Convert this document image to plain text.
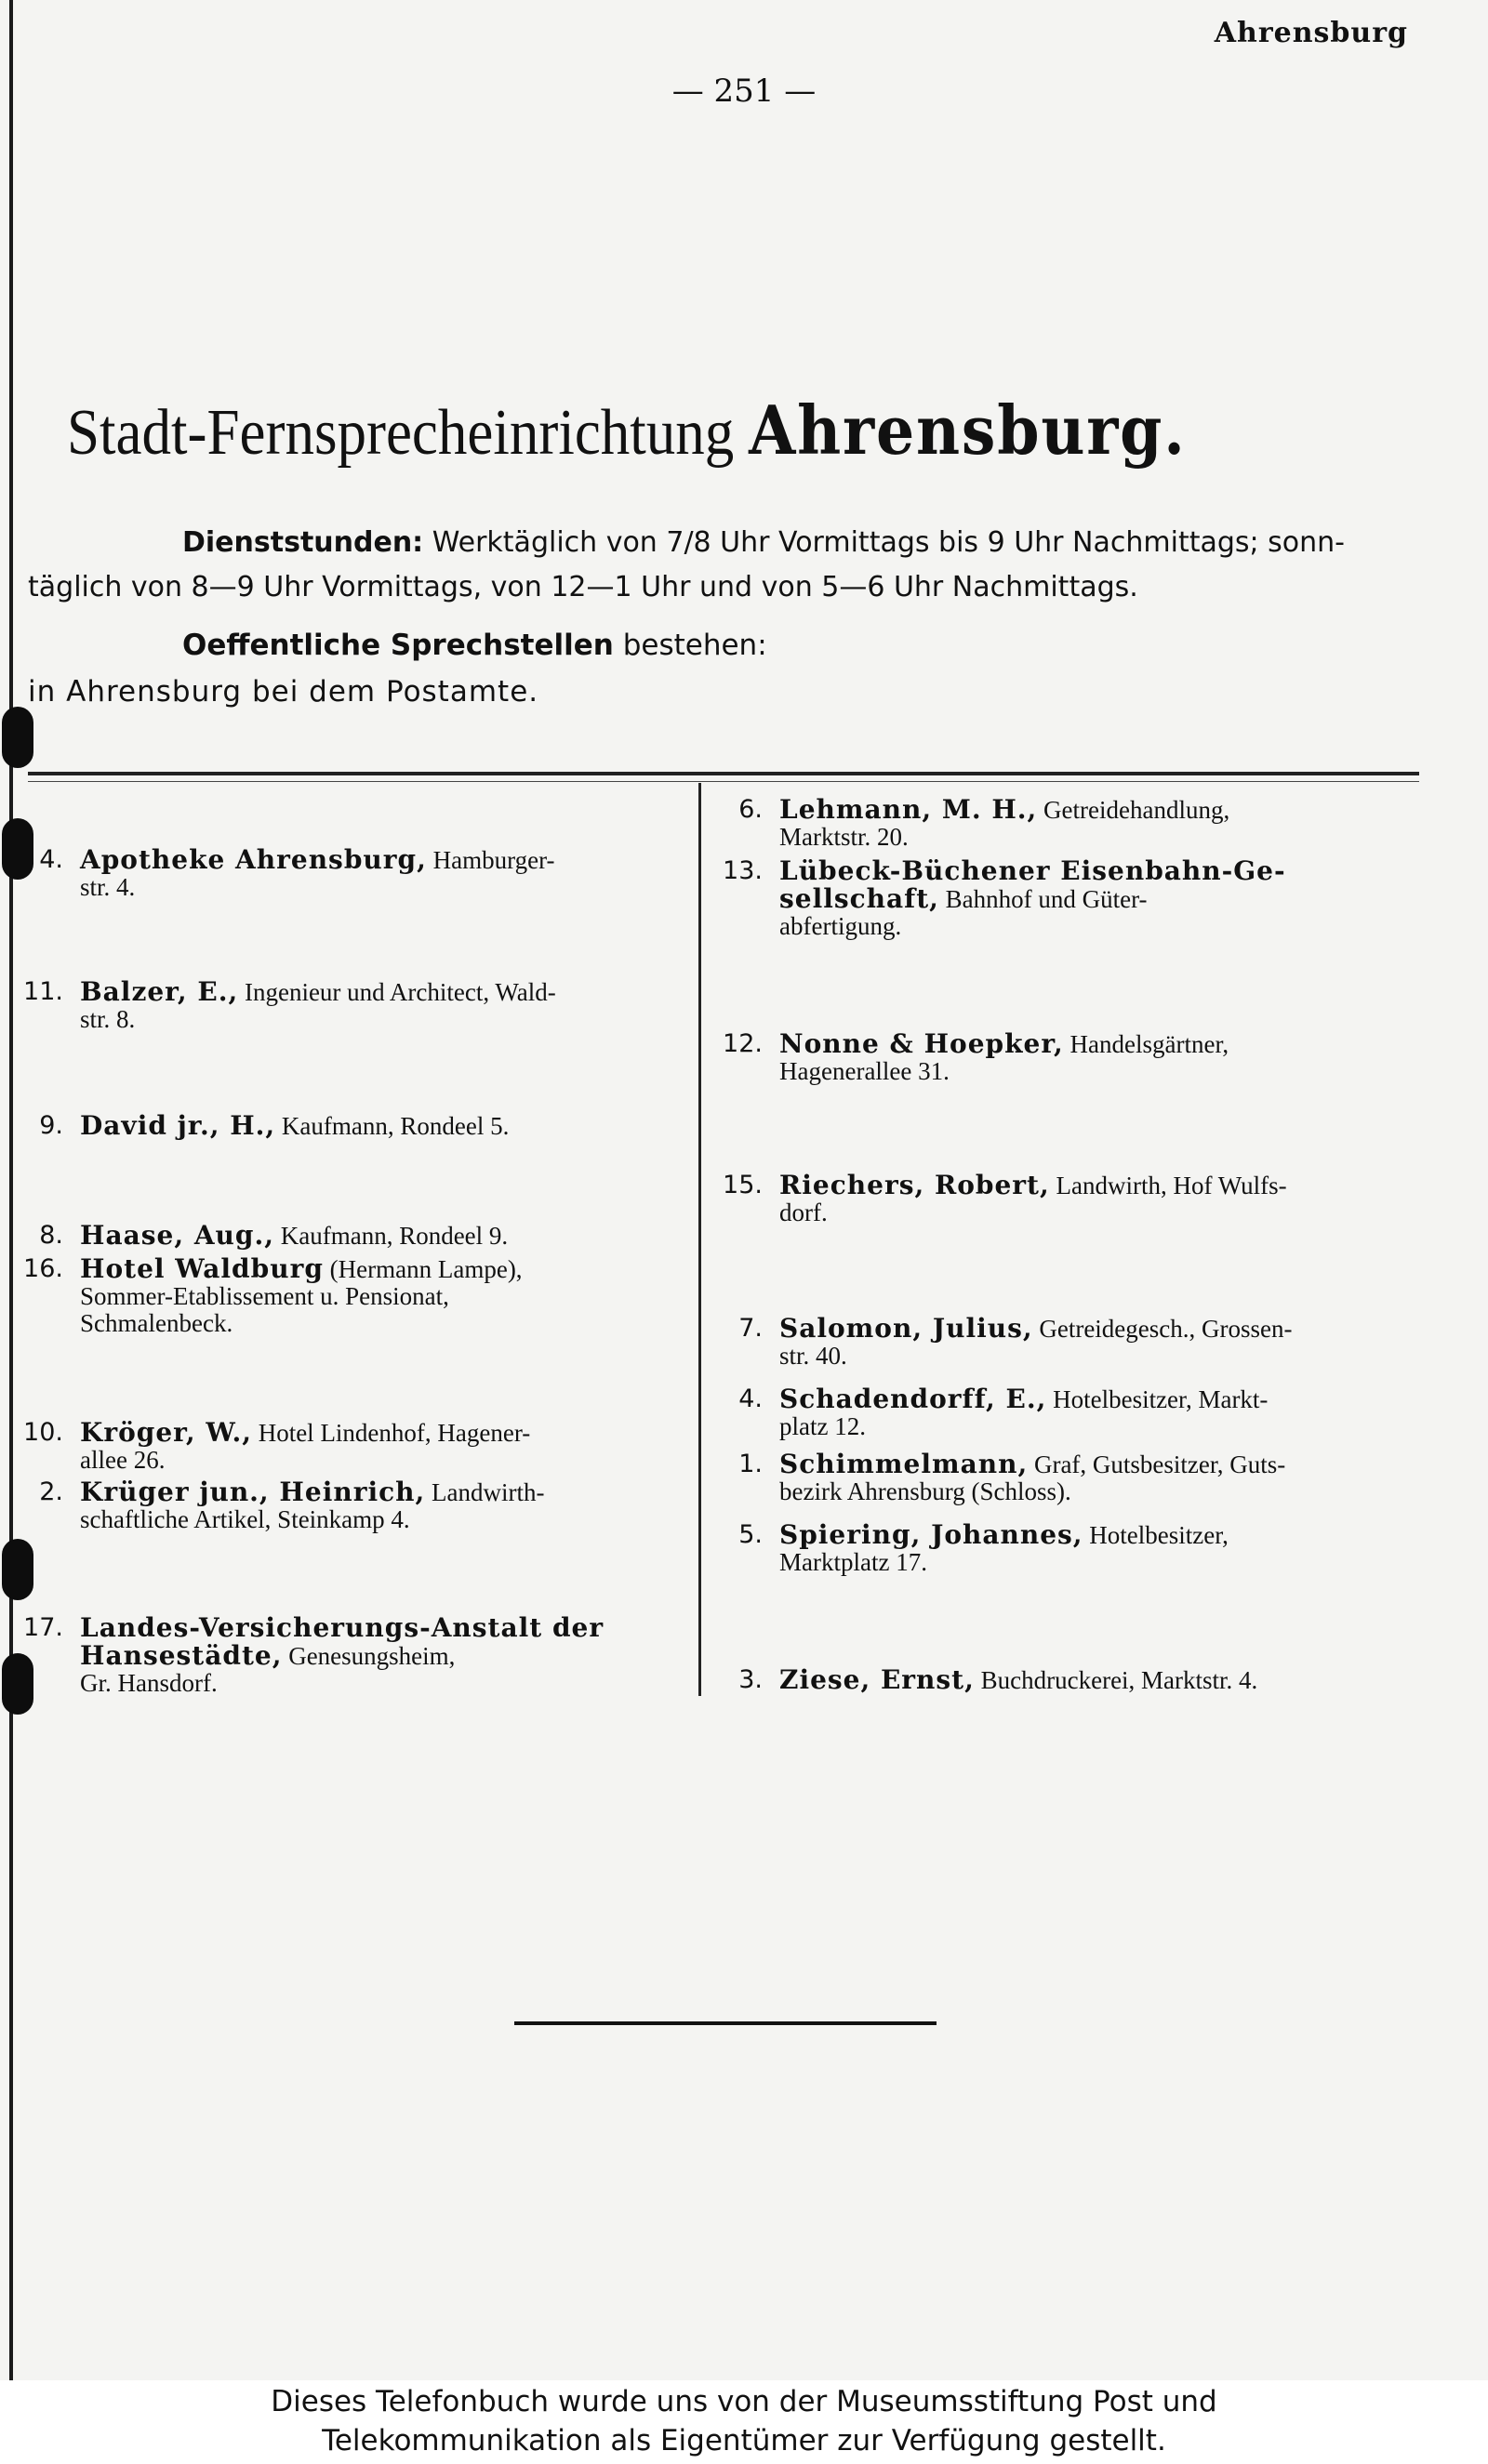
Ahrensburg
— 251 —
Stadt-Fernsprecheinrichtung Ahrensburg.
Dienststunden: Werktäglich von 7/8 Uhr Vormittags bis 9 Uhr Nachmittags; sonn-
täglich von 8—9 Uhr Vormittags, von 12—1 Uhr und von 5—6 Uhr Nachmittags.
Oeffentliche Sprechstellen bestehen:
in Ahrensburg bei dem Postamte.
4. Apotheke Ahrensburg, Hamburger-
str. 4.
11. Balzer, E., Ingenieur und Architect, Wald-
str. 8.
9. David jr., H., Kaufmann, Rondeel 5.
8. Haase, Aug., Kaufmann, Rondeel 9.
16. Hotel Waldburg (Hermann Lampe),
Sommer-Etablissement u. Pensionat,
Schmalenbeck.
10. Kröger, W., Hotel Lindenhof, Hagener-
allee 26.
2. Krüger jun., Heinrich, Landwirth-
schaftliche Artikel, Steinkamp 4.
17. Landes-Versicherungs-Anstalt der
Hansestädte, Genesungsheim,
Gr. Hansdorf.
6. Lehmann, M. H., Getreidehandlung,
Marktstr. 20.
13. Lübeck-Büchener Eisenbahn-Ge-
sellschaft, Bahnhof und Güter-
abfertigung.
12. Nonne & Hoepker, Handelsgärtner,
Hagenerallee 31.
15. Riechers, Robert, Landwirth, Hof Wulfs-
dorf.
7. Salomon, Julius, Getreidegesch., Grossen-
str. 40.
4. Schadendorff, E., Hotelbesitzer, Markt-
platz 12.
1. Schimmelmann, Graf, Gutsbesitzer, Guts-
bezirk Ahrensburg (Schloss).
5. Spiering, Johannes, Hotelbesitzer,
Marktplatz 17.
3. Ziese, Ernst, Buchdruckerei, Marktstr. 4.
Dieses Telefonbuch wurde uns von der Museumsstiftung Post und
Telekommunikation als Eigentümer zur Verfügung gestellt.
